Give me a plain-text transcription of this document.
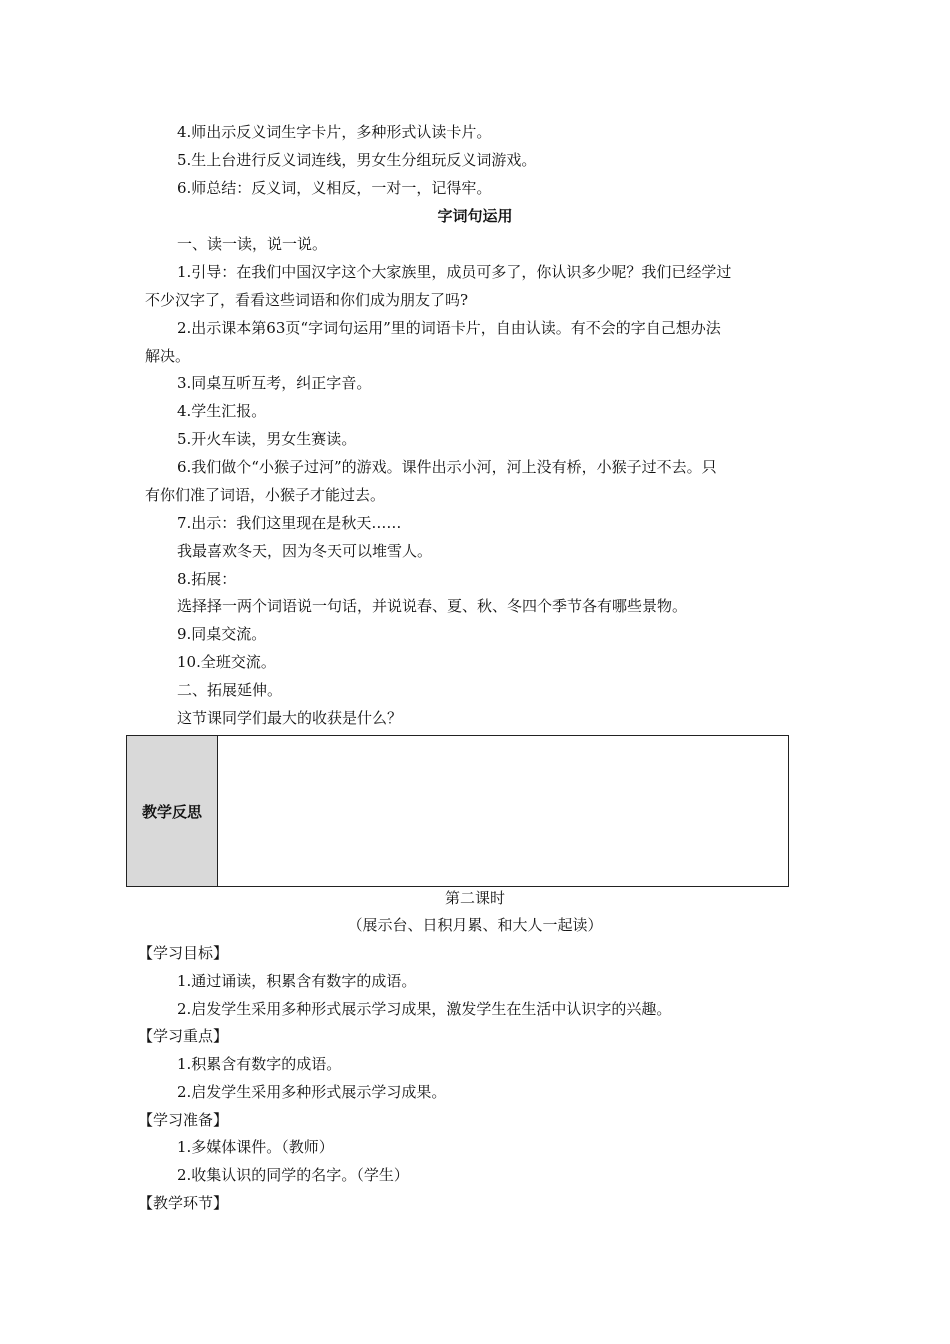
4.师出示反义词生字卡片，多种形式认读卡片。
5.生上台进行反义词连线，男女生分组玩反义词游戏。
6.师总结：反义词，义相反，一对一，记得牢。
字词句运用
一、读一读，说一说。
1.引导：在我们中国汉字这个大家族里，成员可多了，你认识多少呢？我们已经学过
不少汉字了，看看这些词语和你们成为朋友了吗?
2.出示课本第63页“字词句运用”里的词语卡片，自由认读。有不会的字自己想办法
解决。
3.同桌互听互考，纠正字音。
4.学生汇报。
5.开火车读，男女生赛读。
6.我们做个“小猴子过河”的游戏。课件出示小河，河上没有桥，小猴子过不去。只
有你们准了词语，小猴子才能过去。
7.出示：我们这里现在是秋天……
我最喜欢冬天，因为冬天可以堆雪人。
8.拓展：
选择择一两个词语说一句话，并说说春、夏、秋、冬四个季节各有哪些景物。
9.同桌交流。
10.全班交流。
二、拓展延伸。
这节课同学们最大的收获是什么？
教学反思
第二课时
（展示台、日积月累、和大人一起读）
【学习目标】
1.通过诵读，积累含有数字的成语。
2.启发学生采用多种形式展示学习成果，激发学生在生活中认识字的兴趣。
【学习重点】
1.积累含有数字的成语。
2.启发学生采用多种形式展示学习成果。
【学习准备】
1.多媒体课件。（教师）
2.收集认识的同学的名字。（学生）
【教学环节】
